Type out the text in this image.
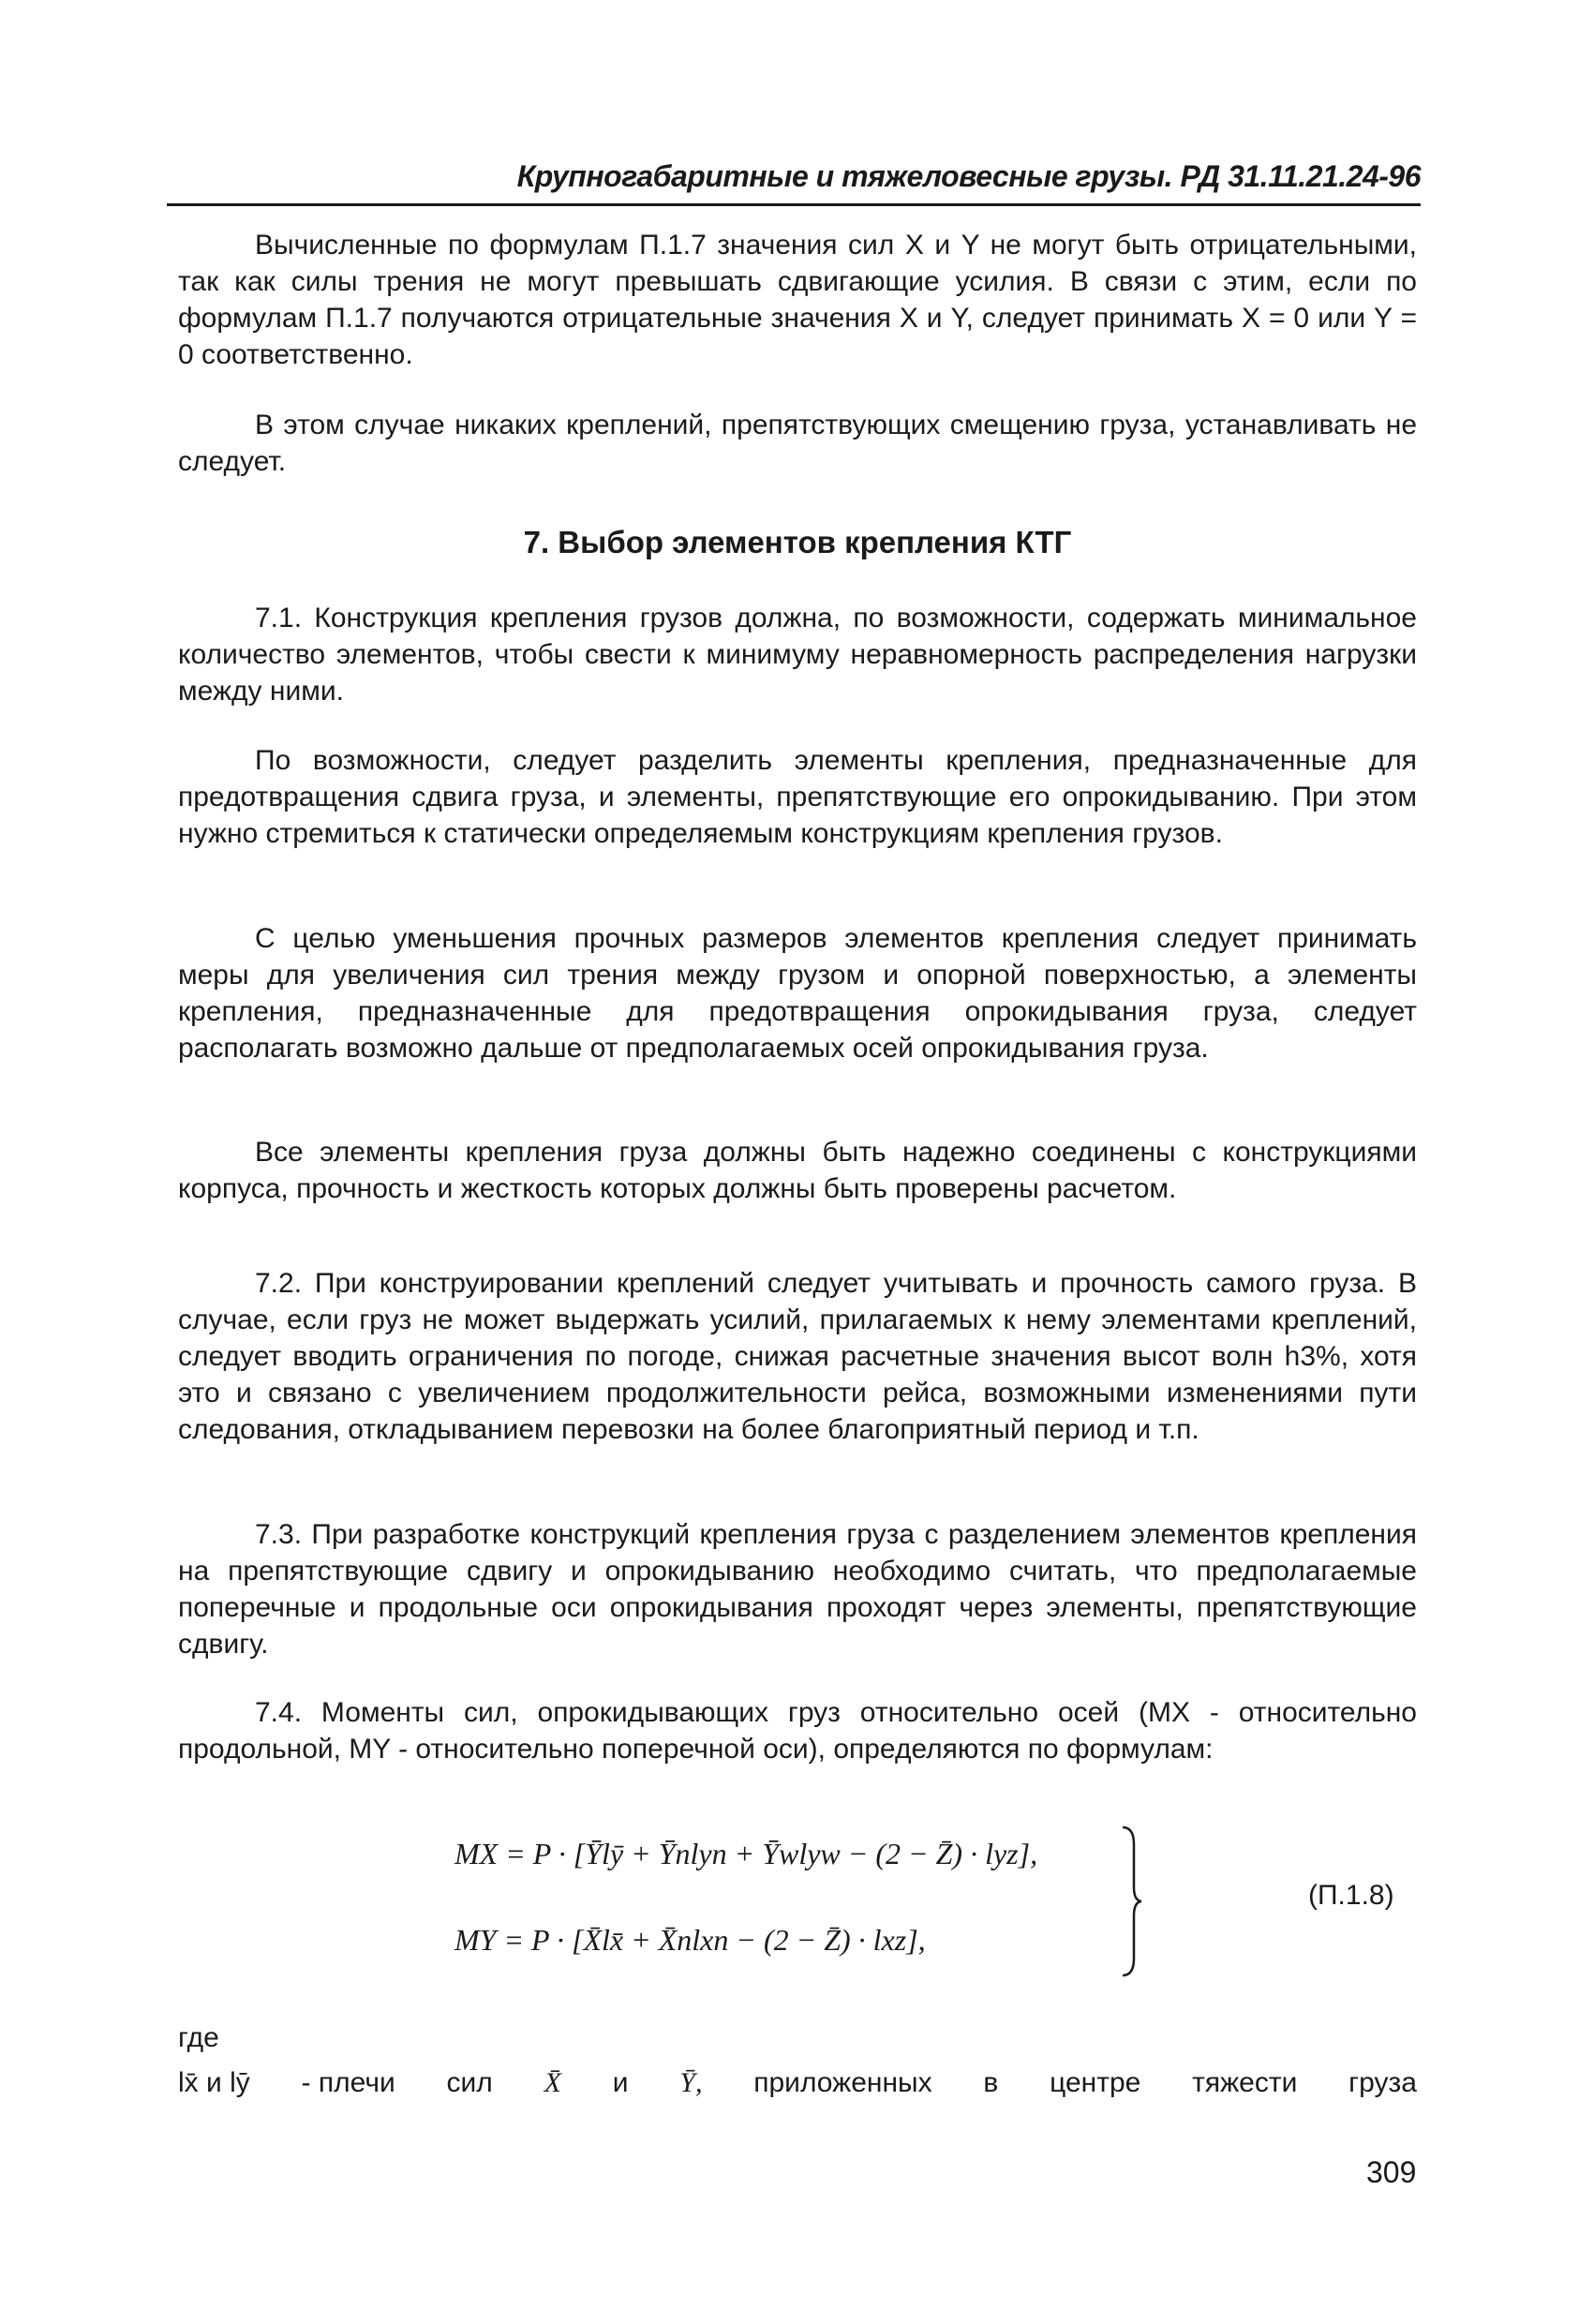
Крупногабаритные и тяжеловесные грузы. РД 31.11.21.24-96

Вычисленные по формулам П.1.7 значения сил X и Y не могут быть отрицательными, так как силы трения не могут превышать сдвигающие усилия. В связи с этим, если по формулам П.1.7 получаются отрицательные значения X и Y, следует принимать X = 0 или Y = 0 соответственно.

В этом случае никаких креплений, препятствующих смещению груза, устанавливать не следует.

7. Выбор элементов крепления КТГ

7.1. Конструкция крепления грузов должна, по возможности, содержать минимальное количество элементов, чтобы свести к минимуму неравномерность распределения нагрузки между ними.

По возможности, следует разделить элементы крепления, предназначенные для предотвращения сдвига груза, и элементы, препятствующие его опрокидыванию. При этом нужно стремиться к статически определяемым конструкциям крепления грузов.

С целью уменьшения прочных размеров элементов крепления следует принимать меры для увеличения сил трения между грузом и опорной поверхностью, а элементы крепления, предназначенные для предотвращения опрокидывания груза, следует располагать возможно дальше от предполагаемых осей опрокидывания груза.

Все элементы крепления груза должны быть надежно соединены с конструкциями корпуса, прочность и жесткость которых должны быть проверены расчетом.

7.2. При конструировании креплений следует учитывать и прочность самого груза. В случае, если груз не может выдержать усилий, прилагаемых к нему элементами креплений, следует вводить ограничения по погоде, снижая расчетные значения высот волн h3%, хотя это и связано с увеличением продолжительности рейса, возможными изменениями пути следования, откладыванием перевозки на более благоприятный период и т.п.

7.3. При разработке конструкций крепления груза с разделением элементов крепления на препятствующие сдвигу и опрокидыванию необходимо считать, что предполагаемые поперечные и продольные оси опрокидывания проходят через элементы, препятствующие сдвигу.

7.4. Моменты сил, опрокидывающих груз относительно осей (MX - относительно продольной, MY - относительно поперечной оси), определяются по формулам:

MX = P · [Ȳlȳ + Ȳnlyn + Ȳwlyw − (2 − Z̄) · lyz],
MY = P · [X̄lx̄ + X̄nlxn − (2 − Z̄) · lxz],
(П.1.8)
где
lx̄ и lȳ - плечи сил X̄ и Ȳ, приложенных в центре тяжести груза
309
